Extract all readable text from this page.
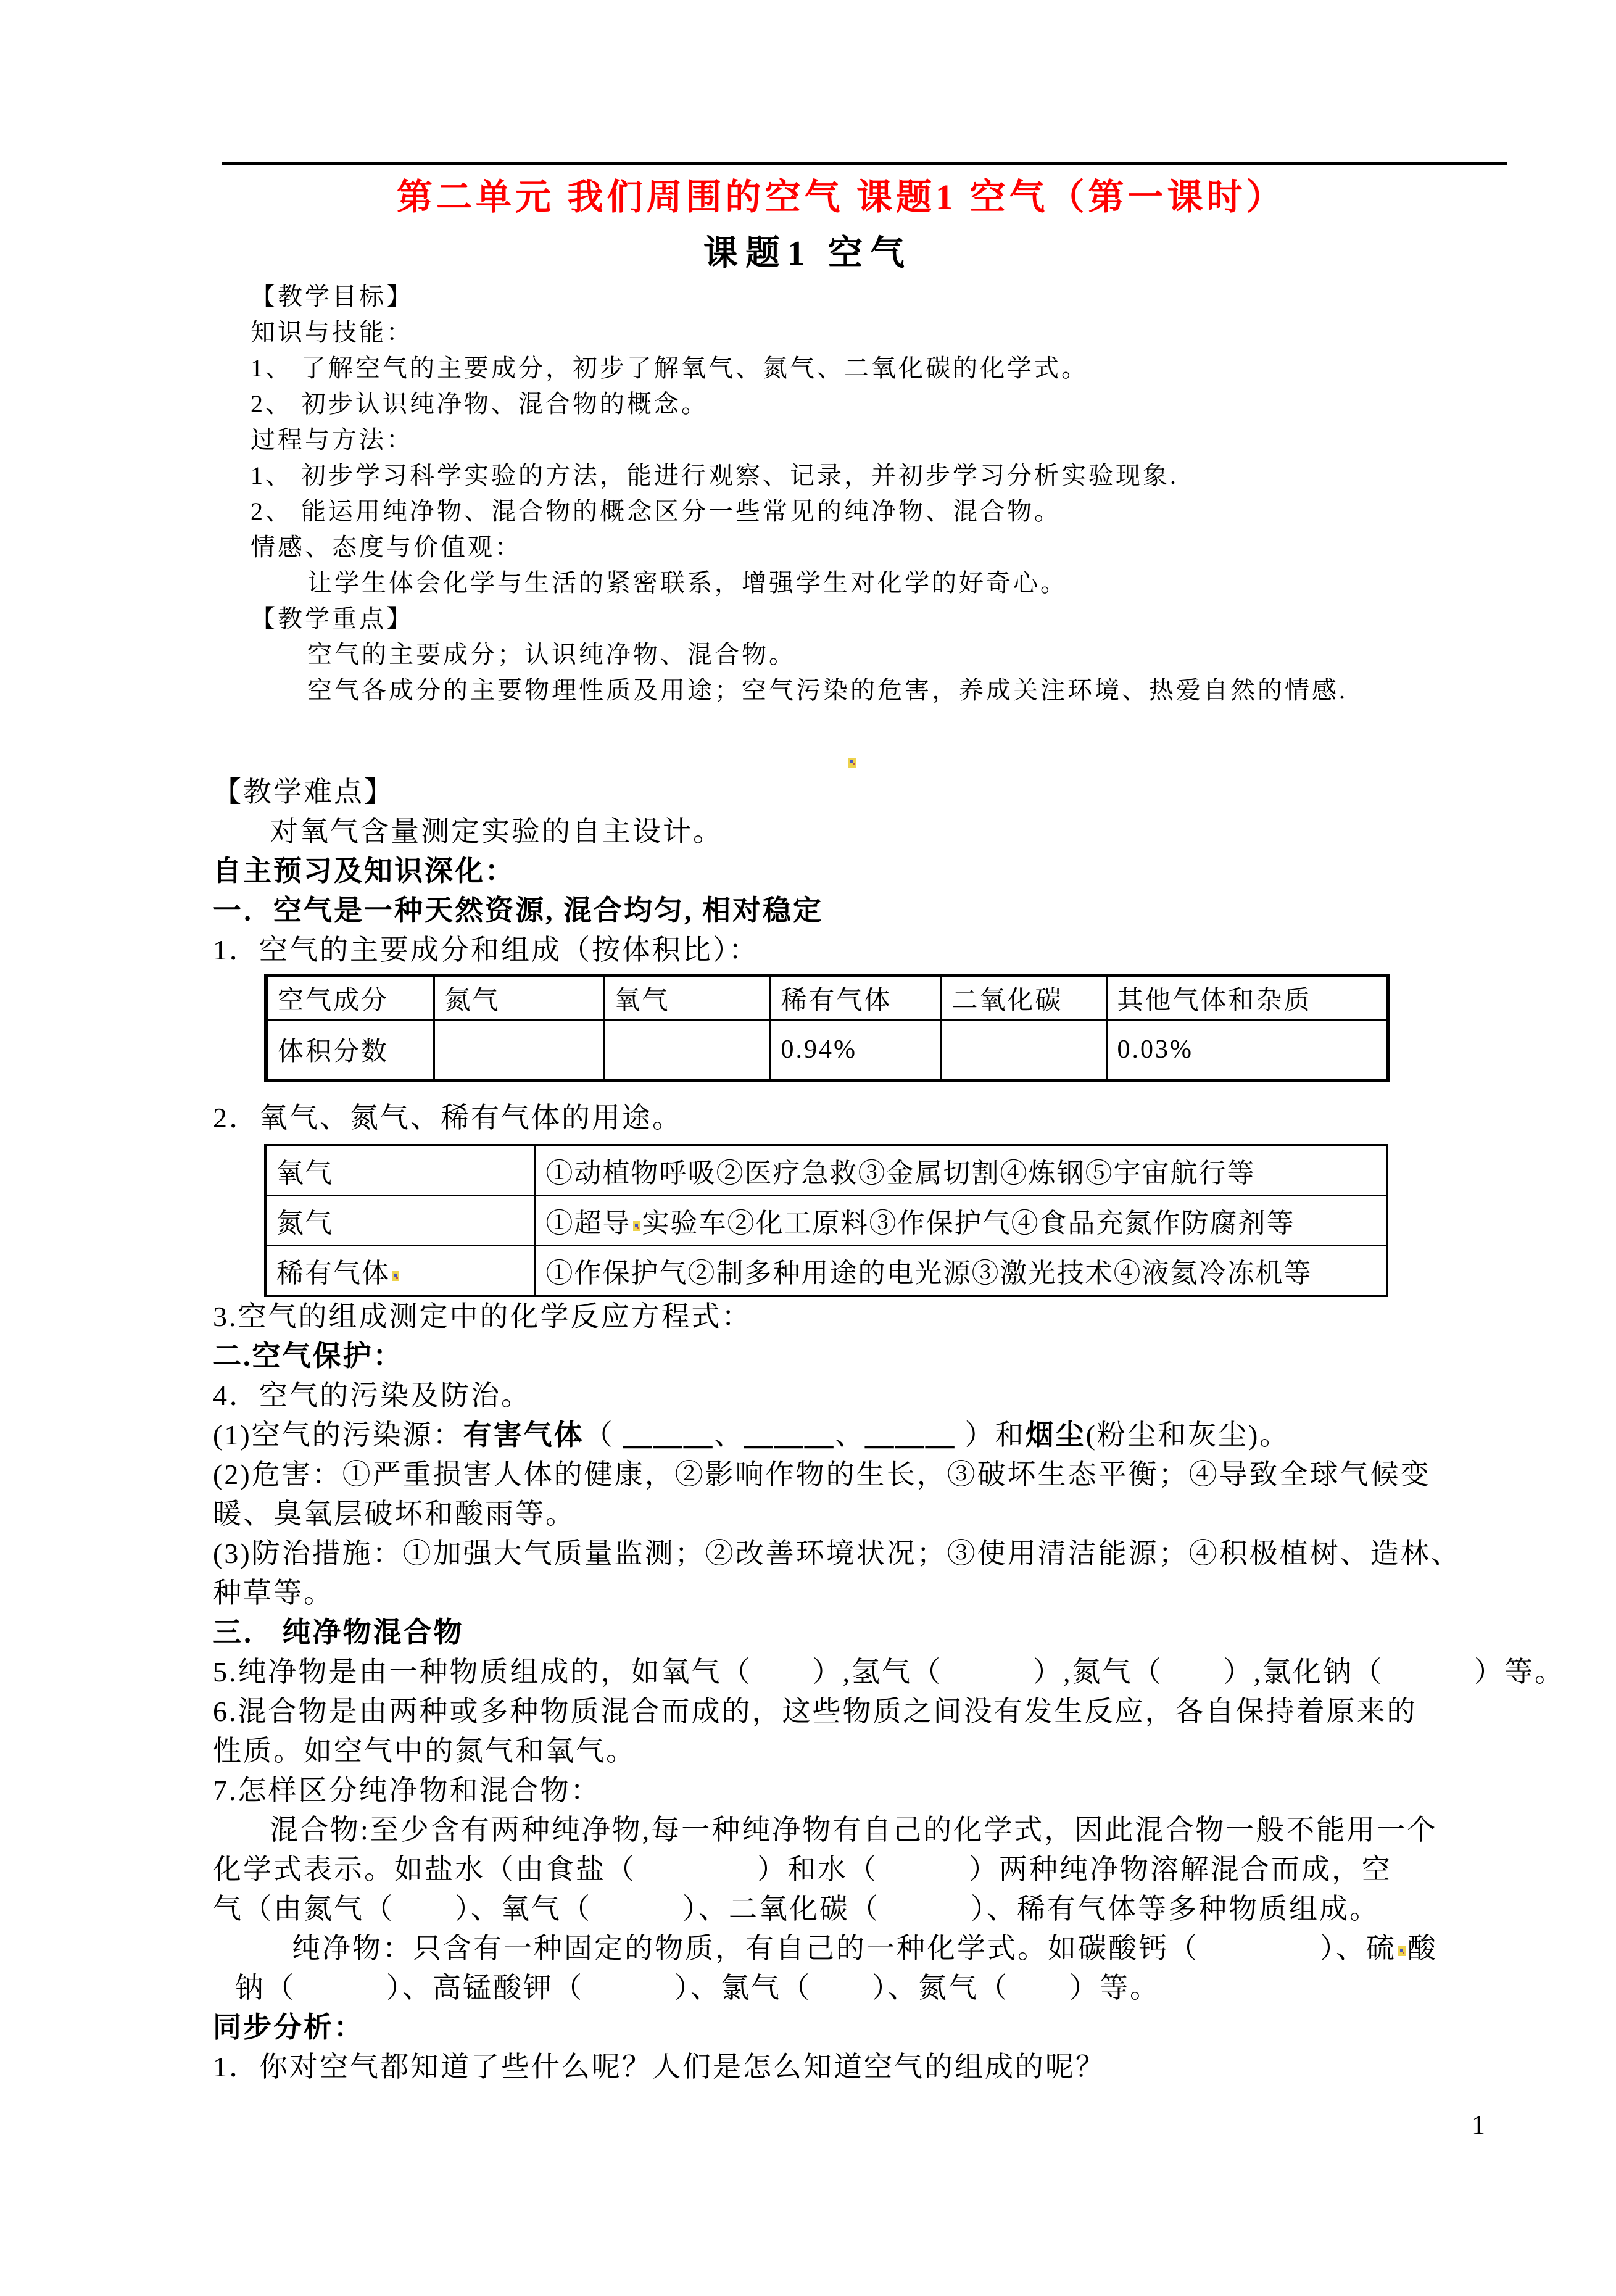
第二单元 我们周围的空气 课题1 空气（第一课时）
课题1 空气
【教学目标】
知识与技能：
1、 了解空气的主要成分，初步了解氧气、氮气、二氧化碳的化学式。
2、 初步认识纯净物、混合物的概念。
过程与方法：
1、 初步学习科学实验的方法，能进行观察、记录，并初步学习分析实验现象.
2、 能运用纯净物、混合物的概念区分一些常见的纯净物、混合物。
情感、态度与价值观：
让学生体会化学与生活的紧密联系，增强学生对化学的好奇心。
【教学重点】
空气的主要成分；认识纯净物、混合物。
空气各成分的主要物理性质及用途；空气污染的危害，养成关注环境、热爱自然的情感.
【教学难点】
对氧气含量测定实验的自主设计。
自主预习及知识深化：
一．空气是一种天然资源, 混合均匀, 相对稳定
1．空气的主要成分和组成（按体积比）：
空气成分	氮气	氧气	稀有气体	二氧化碳	其他气体和杂质
体积分数			0.94%		0.03%
2．氧气、氮气、稀有气体的用途。
氧气	①动植物呼吸②医疗急救③金属切割④炼钢⑤宇宙航行等
氮气	①超导 实验车②化工原料③作保护气④食品充氮作防腐剂等
稀有气体	①作保护气②制多种用途的电光源③激光技术④液氦冷冻机等
3.空气的组成测定中的化学反应方程式：
二.空气保护：
4．空气的污染及防治。
(1)空气的污染源：有害气体（ ＿＿＿、＿＿＿、＿＿＿ ）和烟尘(粉尘和灰尘)。
(2)危害：①严重损害人体的健康，②影响作物的生长，③破坏生态平衡；④导致全球气候变
暖、臭氧层破坏和酸雨等。
(3)防治措施：①加强大气质量监测；②改善环境状况；③使用清洁能源；④积极植树、造林、
种草等。
三． 纯净物混合物
5.纯净物是由一种物质组成的，如氧气（　　）,氢气（　　　）,氮气（　　）,氯化钠（　　　）等。
6.混合物是由两种或多种物质混合而成的，这些物质之间没有发生反应，各自保持着原来的
性质。如空气中的氮气和氧气。
7.怎样区分纯净物和混合物：
混合物:至少含有两种纯净物,每一种纯净物有自己的化学式，因此混合物一般不能用一个
化学式表示。如盐水（由食盐（　　　　）和水（　　　）两种纯净物溶解混合而成，空
气（由氮气（　　）、氧气（　　　）、二氧化碳（　　　）、稀有气体等多种物质组成。
纯净物：只含有一种固定的物质，有自己的一种化学式。如碳酸钙（　　　　）、硫 酸
钠（　　　）、高锰酸钾（　　　）、氯气（　　）、氮气（　　）等。
同步分析：
1．你对空气都知道了些什么呢？人们是怎么知道空气的组成的呢？
1
